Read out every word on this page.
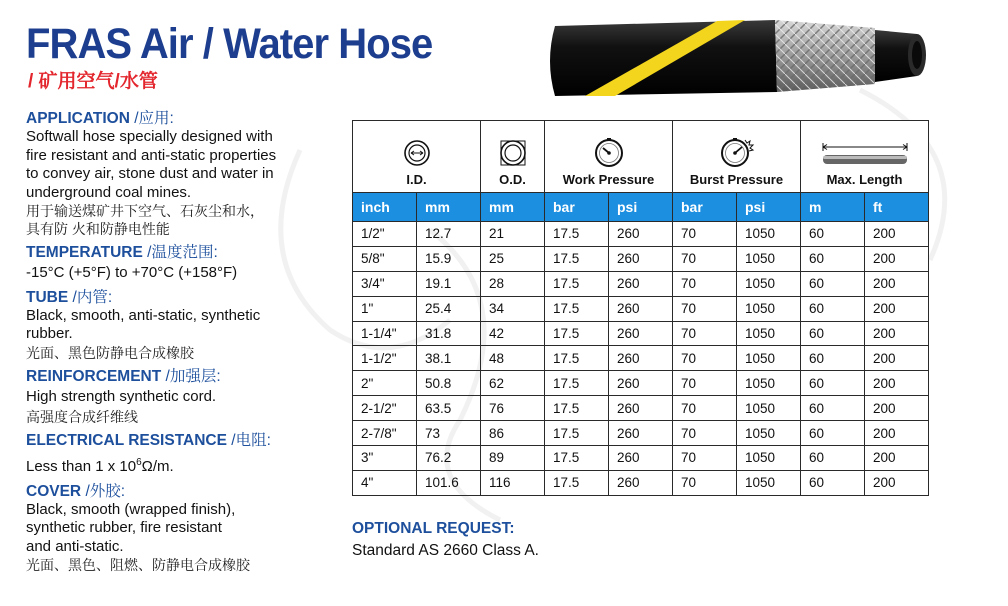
FRAS Air / Water Hose
/ 矿用空气/水管

APPLICATION /应用:

Softwall hose specially designed with

fire resistant and anti-static properties

to convey air, stone dust and water in

underground coal mines.

用于输送煤矿井下空气、石灰尘和水，

具有防 火和防静电性能

TEMPERATURE /温度范围:

-15°C (+5°F) to +70°C (+158°F)

TUBE /内管:

Black, smooth, anti-static, synthetic

rubber.

光面、黑色防静电合成橡胶

REINFORCEMENT /加强层:

High strength synthetic cord.

高强度合成纤维线

ELECTRICAL RESISTANCE /电阻:

Less than 1 x $10^6\Omega/m$.

COVER /外胶:

Black, smooth (wrapped finish),

synthetic rubber, fire resistant

and anti-static.

光面、黑色、阻燃、防静电合成橡胶

I.D.		O.D.	Work Pressure		Burst Pressure		Max. Length	
inch	mm	mm	bar	psi	bar	psi	m	ft
1/2"	12.7	21	17.5	260	70	1050	60	200
5/8"	15.9	25	17.5	260	70	1050	60	200
3/4"	19.1	28	17.5	260	70	1050	60	200
1"	25.4	34	17.5	260	70	1050	60	200
1-1/4"	31.8	42	17.5	260	70	1050	60	200
1-1/2"	38.1	48	17.5	260	70	1050	60	200
2"	50.8	62	17.5	260	70	1050	60	200
2-1/2"	63.5	76	17.5	260	70	1050	60	200
2-7/8"	73	86	17.5	260	70	1050	60	200
3"	76.2	89	17.5	260	70	1050	60	200
4"	101.6	116	17.5	260	70	1050	60	200
OPTIONAL REQUEST:
Standard AS 2660 Class A.
